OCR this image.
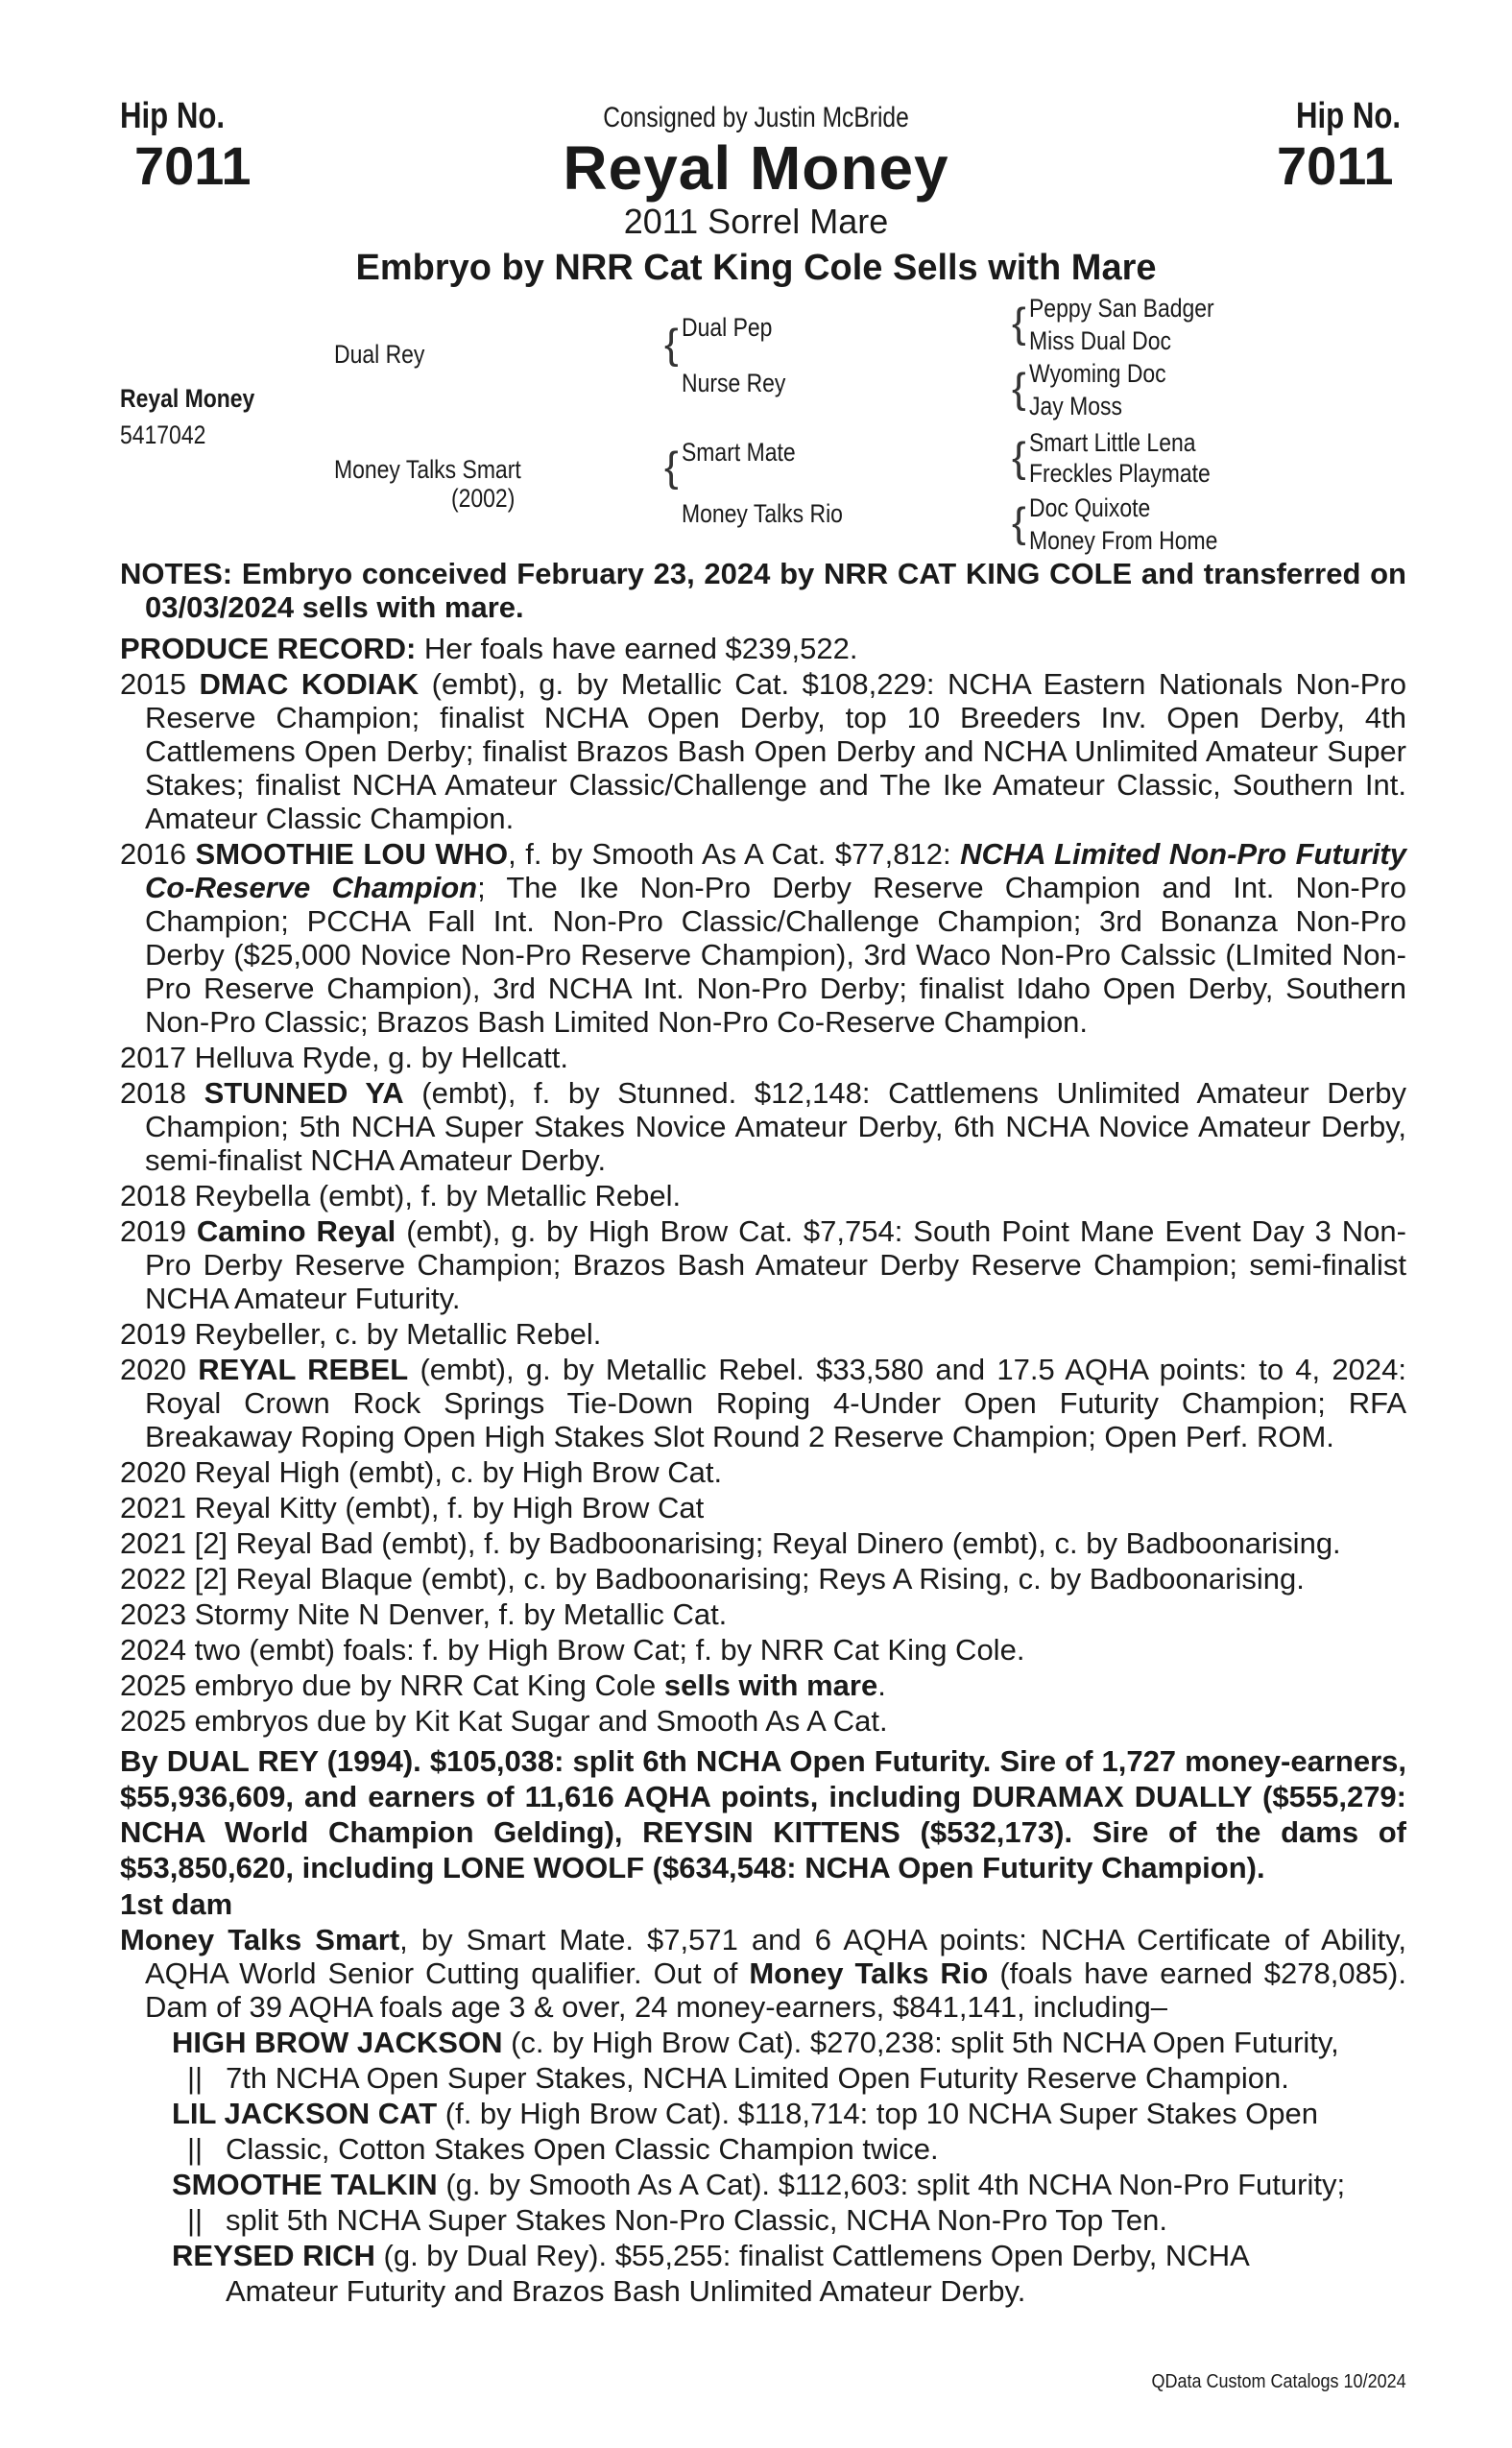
Hip No.
7011
Hip No.
7011
Consigned by Justin McBride
Reyal Money
2011 Sorrel Mare
Embryo by NRR Cat King Cole Sells with Mare
Reyal Money
5417042
Dual Rey
Money Talks Smart
(2002)
{ Dual Pep
Nurse Rey
{ Smart Mate
Money Talks Rio
{ Peppy San Badger
Miss Dual Doc
{ Wyoming Doc
Jay Moss
{ Smart Little Lena
Freckles Playmate
{ Doc Quixote
Money From Home

NOTES: Embryo conceived February 23, 2024 by NRR CAT KING COLE and transferred on 03/03/2024 sells with mare.

PRODUCE RECORD: Her foals have earned $239,522.

2015 DMAC KODIAK (embt), g. by Metallic Cat. $108,229: NCHA Eastern Nationals Non-Pro Reserve Champion; finalist NCHA Open Derby, top 10 Breeders Inv. Open Derby, 4th Cattlemens Open Derby; finalist Brazos Bash Open Derby and NCHA Unlimited Amateur Super Stakes; finalist NCHA Amateur Classic/Challenge and The Ike Amateur Classic, Southern Int. Amateur Classic Champion.

2016 SMOOTHIE LOU WHO, f. by Smooth As A Cat. $77,812: NCHA Limited Non-Pro Futurity Co-Reserve Champion; The Ike Non-Pro Derby Reserve Champion and Int. Non-Pro Champion; PCCHA Fall Int. Non-Pro Classic/Challenge Champion; 3rd Bonanza Non-Pro Derby ($25,000 Novice Non-Pro Reserve Champion), 3rd Waco Non-Pro Calssic (LImited Non-Pro Reserve Champion), 3rd NCHA Int. Non-Pro Derby; finalist Idaho Open Derby, Southern Non-Pro Classic; Brazos Bash Limited Non-Pro Co-Reserve Champion.

2017 Helluva Ryde, g. by Hellcatt.

2018 STUNNED YA (embt), f. by Stunned. $12,148: Cattlemens Unlimited Amateur Derby Champion; 5th NCHA Super Stakes Novice Amateur Derby, 6th NCHA Novice Amateur Derby, semi-finalist NCHA Amateur Derby.

2018 Reybella (embt), f. by Metallic Rebel.

2019 Camino Reyal (embt), g. by High Brow Cat. $7,754: South Point Mane Event Day 3 Non-Pro Derby Reserve Champion; Brazos Bash Amateur Derby Reserve Champion; semi-finalist NCHA Amateur Futurity.

2019 Reybeller, c. by Metallic Rebel.

2020 REYAL REBEL (embt), g. by Metallic Rebel. $33,580 and 17.5 AQHA points: to 4, 2024: Royal Crown Rock Springs Tie-Down Roping 4-Under Open Futurity Champion; RFA Breakaway Roping Open High Stakes Slot Round 2 Reserve Champion; Open Perf. ROM.

2020 Reyal High (embt), c. by High Brow Cat.

2021 Reyal Kitty (embt), f. by High Brow Cat

2021 [2] Reyal Bad (embt), f. by Badboonarising; Reyal Dinero (embt), c. by Badboonarising.

2022 [2] Reyal Blaque (embt), c. by Badboonarising; Reys A Rising, c. by Badboonarising.

2023 Stormy Nite N Denver, f. by Metallic Cat.

2024 two (embt) foals: f. by High Brow Cat; f. by NRR Cat King Cole.

2025 embryo due by NRR Cat King Cole sells with mare.

2025 embryos due by Kit Kat Sugar and Smooth As A Cat.

By DUAL REY (1994). $105,038: split 6th NCHA Open Futurity. Sire of 1,727 money-earners, $55,936,609, and earners of 11,616 AQHA points, including DURAMAX DUALLY ($555,279: NCHA World Champion Gelding), REYSIN KITTENS ($532,173). Sire of the dams of $53,850,620, including LONE WOOLF ($634,548: NCHA Open Futurity Champion).

1st dam

Money Talks Smart, by Smart Mate. $7,571 and 6 AQHA points: NCHA Certificate of Ability, AQHA World Senior Cutting qualifier. Out of Money Talks Rio (foals have earned $278,085). Dam of 39 AQHA foals age 3 & over, 24 money-earners, $841,141, including–

HIGH BROW JACKSON (c. by High Brow Cat). $270,238: split 5th NCHA Open Futurity,

|| 7th NCHA Open Super Stakes, NCHA Limited Open Futurity Reserve Champion.

LIL JACKSON CAT (f. by High Brow Cat). $118,714: top 10 NCHA Super Stakes Open

|| Classic, Cotton Stakes Open Classic Champion twice.

SMOOTHE TALKIN (g. by Smooth As A Cat). $112,603: split 4th NCHA Non-Pro Futurity;

|| split 5th NCHA Super Stakes Non-Pro Classic, NCHA Non-Pro Top Ten.

REYSED RICH (g. by Dual Rey). $55,255: finalist Cattlemens Open Derby, NCHA

Amateur Futurity and Brazos Bash Unlimited Amateur Derby.

QData Custom Catalogs 10/2024
